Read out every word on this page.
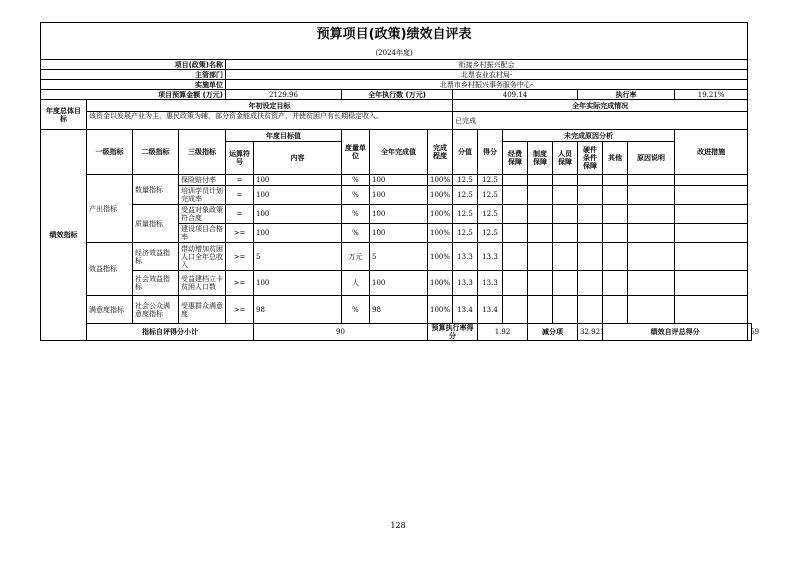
预算项目(政策)绩效自评表																		
(2024年度)																		
项目(政策)名称				衔接乡村振兴配会														
主管部门				北票农业农村局-														
实施单位				北票市乡村振兴事务服务中心-														
项目预算金额 (万元)				2129.96		全年执行数 (万元)			409.14					执行率			19.21%	
年度总体目标	年初设定目标								全年实际完成情况									
	该资金以发展产业为主，惠民政策为辅，部分资金能成扶贫资产，并使贫困户有长期稳定收入。								已完成									
绩效指标	一级指标	二级指标	三级指标	年度目标值		度量单位	全年完成值	完成程度	分值	得分	未完成原因分析						改进措施	
				运算符号	内容						经费保障	制度保障	人员保障	硬件条件保障	其他	原因说明		
	产出指标	数量指标	保险赔付率	=	100	%	100	100%	12.5	12.5								
			培训学员计划完成率	=	100	%	100	100%	12.5	12.5								
		质量指标	受益对象政策符合度	=	100	%	100	100%	12.5	12.5								
			建设项目合格率	>=	100	%	100	100%	12.5	12.5								
	效益指标	经济效益指标	带动增加贫困人口全年总收入	>=	5	万元	5	100%	13.3	13.3								
		社会效益指标	受益建档立卡贫困人口数	>=	100	人	100	100%	13.3	13.3								
	满意度指标	社会公众满意度指标	受惠群众满意度	>=	98	%	98	100%	13.4	13.4								
	指标自评得分小计				90			预算执行率得分		1.92		减分项		32.921	绩效自评总得分			59
128
